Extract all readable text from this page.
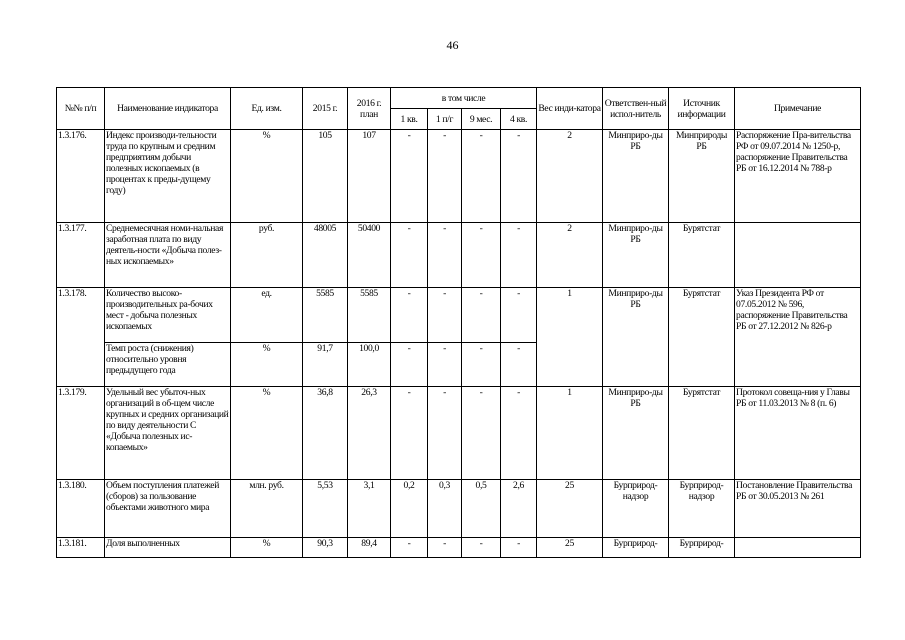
46
№№ п/п	Наименование индикатора	Ед. изм.	2015 г.	2016 г. план	в том числе				Вес инди-катора	Ответствен-ный испол-нитель	Источник информации	Примечание
					1 кв.	1 п/г	9 мес.	4 кв.				
1.3.176.	Индекс производи-тельности труда по крупным и средним предприятиям добычи полезных ископаемых (в процентах к преды-дущему году)	%	105	107	-	-	-	-	2	Минприро-ды РБ	Минприроды РБ	Распоряжение Пра-вительства РФ от 09.07.2014 № 1250-р, распоряжение Правительства РБ от 16.12.2014 № 788-р
1.3.177.	Среднемесячная номи-нальная заработная плата по виду деятель-ности «Добыча полез-ных ископаемых»	руб.	48005	50400	-	-	-	-	2	Минприро-ды РБ	Бурятстат	
1.3.178.	Количество высоко-производительных ра-бочих мест - добыча полезных ископаемых	ед.	5585	5585	-	-	-	-	1	Минприро-ды РБ	Бурятстат	Указ Президента РФ от 07.05.2012 № 596, распоряжение Правительства РБ от 27.12.2012 № 826-р
	Темп роста (снижения) относительно уровня предыдущего года	%	91,7	100,0	-	-	-	-				
1.3.179.	Удельный вес убыточ-ных организаций в об-щем числе крупных и средних организаций по виду деятельности С «Добыча полезных ис-копаемых»	%	36,8	26,3	-	-	-	-	1	Минприро-ды РБ	Бурятстат	Протокол совеща-ния у Главы РБ от 11.03.2013 № 8 (п. 6)
1.3.180.	Объем поступления платежей (сборов) за пользование объектами животного мира	млн. руб.	5,53	3,1	0,2	0,3	0,5	2,6	25	Бурприрод-надзор	Бурприрод-надзор	Постановление Правительства РБ от 30.05.2013 № 261
1.3.181.	Доля выполненных	%	90,3	89,4	-	-	-	-	25	Бурприрод-	Бурприрод-	
